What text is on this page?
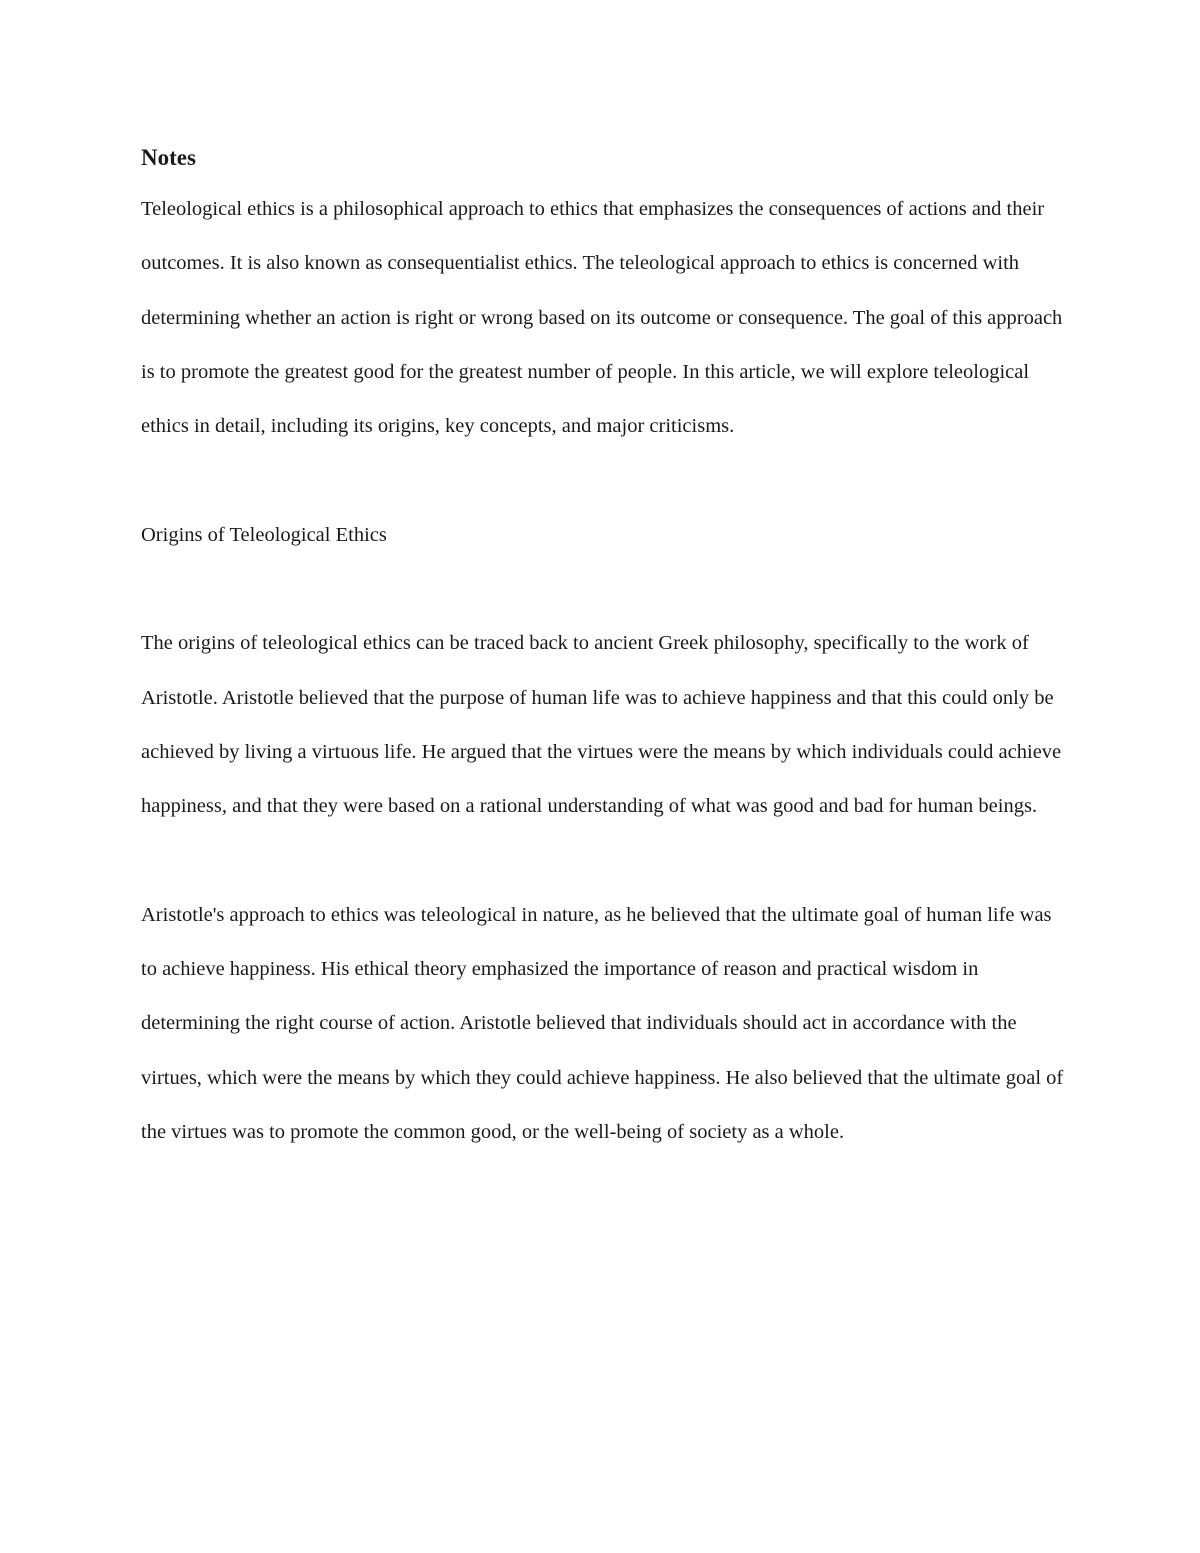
Notes

Teleological ethics is a philosophical approach to ethics that emphasizes the consequences of actions and their outcomes. It is also known as consequentialist ethics. The teleological approach to ethics is concerned with determining whether an action is right or wrong based on its outcome or consequence. The goal of this approach is to promote the greatest good for the greatest number of people. In this article, we will explore teleological ethics in detail, including its origins, key concepts, and major criticisms.

Origins of Teleological Ethics

The origins of teleological ethics can be traced back to ancient Greek philosophy, specifically to the work of Aristotle. Aristotle believed that the purpose of human life was to achieve happiness and that this could only be achieved by living a virtuous life. He argued that the virtues were the means by which individuals could achieve happiness, and that they were based on a rational understanding of what was good and bad for human beings.

Aristotle's approach to ethics was teleological in nature, as he believed that the ultimate goal of human life was to achieve happiness. His ethical theory emphasized the importance of reason and practical wisdom in determining the right course of action. Aristotle believed that individuals should act in accordance with the virtues, which were the means by which they could achieve happiness. He also believed that the ultimate goal of the virtues was to promote the common good, or the well-being of society as a whole.
